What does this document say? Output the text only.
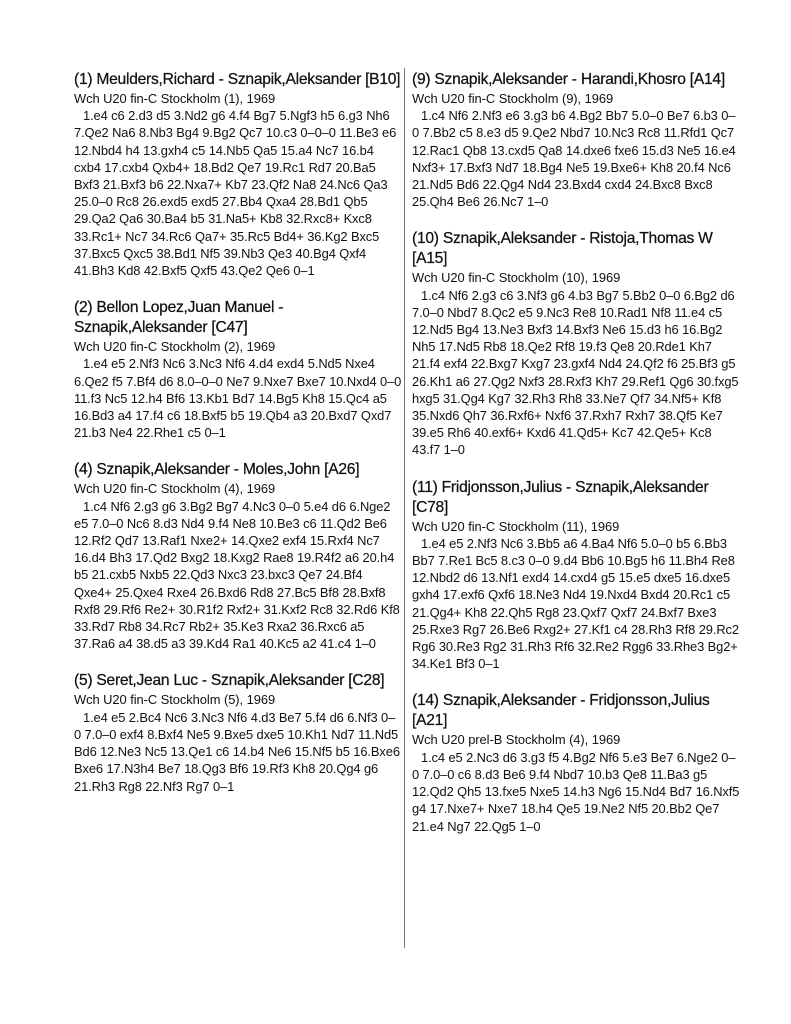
(1) Meulders,Richard - Sznapik,Aleksander [B10]

Wch U20 fin-C Stockholm (1), 1969

1.e4 c6 2.d3 d5 3.Nd2 g6 4.f4 Bg7 5.Ngf3 h5 6.g3 Nh6 7.Qe2 Na6 8.Nb3 Bg4 9.Bg2 Qc7 10.c3 0–0–0 11.Be3 e6 12.Nbd4 h4 13.gxh4 c5 14.Nb5 Qa5 15.a4 Nc7 16.b4 cxb4 17.cxb4 Qxb4+ 18.Bd2 Qe7 19.Rc1 Rd7 20.Ba5 Bxf3 21.Bxf3 b6 22.Nxa7+ Kb7 23.Qf2 Na8 24.Nc6 Qa3 25.0–0 Rc8 26.exd5 exd5 27.Bb4 Qxa4 28.Bd1 Qb5 29.Qa2 Qa6 30.Ba4 b5 31.Na5+ Kb8 32.Rxc8+ Kxc8 33.Rc1+ Nc7 34.Rc6 Qa7+ 35.Rc5 Bd4+ 36.Kg2 Bxc5 37.Bxc5 Qxc5 38.Bd1 Nf5 39.Nb3 Qe3 40.Bg4 Qxf4 41.Bh3 Kd8 42.Bxf5 Qxf5 43.Qe2 Qe6 0–1

(2) Bellon Lopez,Juan Manuel - Sznapik,Aleksander [C47]

Wch U20 fin-C Stockholm (2), 1969

1.e4 e5 2.Nf3 Nc6 3.Nc3 Nf6 4.d4 exd4 5.Nd5 Nxe4 6.Qe2 f5 7.Bf4 d6 8.0–0–0 Ne7 9.Nxe7 Bxe7 10.Nxd4 0–0 11.f3 Nc5 12.h4 Bf6 13.Kb1 Bd7 14.Bg5 Kh8 15.Qc4 a5 16.Bd3 a4 17.f4 c6 18.Bxf5 b5 19.Qb4 a3 20.Bxd7 Qxd7 21.b3 Ne4 22.Rhe1 c5 0–1

(4) Sznapik,Aleksander - Moles,John [A26]

Wch U20 fin-C Stockholm (4), 1969

1.c4 Nf6 2.g3 g6 3.Bg2 Bg7 4.Nc3 0–0 5.e4 d6 6.Nge2 e5 7.0–0 Nc6 8.d3 Nd4 9.f4 Ne8 10.Be3 c6 11.Qd2 Be6 12.Rf2 Qd7 13.Raf1 Nxe2+ 14.Qxe2 exf4 15.Rxf4 Nc7 16.d4 Bh3 17.Qd2 Bxg2 18.Kxg2 Rae8 19.R4f2 a6 20.h4 b5 21.cxb5 Nxb5 22.Qd3 Nxc3 23.bxc3 Qe7 24.Bf4 Qxe4+ 25.Qxe4 Rxe4 26.Bxd6 Rd8 27.Bc5 Bf8 28.Bxf8 Rxf8 29.Rf6 Re2+ 30.R1f2 Rxf2+ 31.Kxf2 Rc8 32.Rd6 Kf8 33.Rd7 Rb8 34.Rc7 Rb2+ 35.Ke3 Rxa2 36.Rxc6 a5 37.Ra6 a4 38.d5 a3 39.Kd4 Ra1 40.Kc5 a2 41.c4 1–0

(5) Seret,Jean Luc - Sznapik,Aleksander [C28]

Wch U20 fin-C Stockholm (5), 1969

1.e4 e5 2.Bc4 Nc6 3.Nc3 Nf6 4.d3 Be7 5.f4 d6 6.Nf3 0–0 7.0–0 exf4 8.Bxf4 Ne5 9.Bxe5 dxe5 10.Kh1 Nd7 11.Nd5 Bd6 12.Ne3 Nc5 13.Qe1 c6 14.b4 Ne6 15.Nf5 b5 16.Bxe6 Bxe6 17.N3h4 Be7 18.Qg3 Bf6 19.Rf3 Kh8 20.Qg4 g6 21.Rh3 Rg8 22.Nf3 Rg7 0–1

(9) Sznapik,Aleksander - Harandi,Khosro [A14]

Wch U20 fin-C Stockholm (9), 1969

1.c4 Nf6 2.Nf3 e6 3.g3 b6 4.Bg2 Bb7 5.0–0 Be7 6.b3 0–0 7.Bb2 c5 8.e3 d5 9.Qe2 Nbd7 10.Nc3 Rc8 11.Rfd1 Qc7 12.Rac1 Qb8 13.cxd5 Qa8 14.dxe6 fxe6 15.d3 Ne5 16.e4 Nxf3+ 17.Bxf3 Nd7 18.Bg4 Ne5 19.Bxe6+ Kh8 20.f4 Nc6 21.Nd5 Bd6 22.Qg4 Nd4 23.Bxd4 cxd4 24.Bxc8 Bxc8 25.Qh4 Be6 26.Nc7 1–0

(10) Sznapik,Aleksander - Ristoja,Thomas W [A15]

Wch U20 fin-C Stockholm (10), 1969

1.c4 Nf6 2.g3 c6 3.Nf3 g6 4.b3 Bg7 5.Bb2 0–0 6.Bg2 d6 7.0–0 Nbd7 8.Qc2 e5 9.Nc3 Re8 10.Rad1 Nf8 11.e4 c5 12.Nd5 Bg4 13.Ne3 Bxf3 14.Bxf3 Ne6 15.d3 h6 16.Bg2 Nh5 17.Nd5 Rb8 18.Qe2 Rf8 19.f3 Qe8 20.Rde1 Kh7 21.f4 exf4 22.Bxg7 Kxg7 23.gxf4 Nd4 24.Qf2 f6 25.Bf3 g5 26.Kh1 a6 27.Qg2 Nxf3 28.Rxf3 Kh7 29.Ref1 Qg6 30.fxg5 hxg5 31.Qg4 Kg7 32.Rh3 Rh8 33.Ne7 Qf7 34.Nf5+ Kf8 35.Nxd6 Qh7 36.Rxf6+ Nxf6 37.Rxh7 Rxh7 38.Qf5 Ke7 39.e5 Rh6 40.exf6+ Kxd6 41.Qd5+ Kc7 42.Qe5+ Kc8 43.f7 1–0

(11) Fridjonsson,Julius - Sznapik,Aleksander [C78]

Wch U20 fin-C Stockholm (11), 1969

1.e4 e5 2.Nf3 Nc6 3.Bb5 a6 4.Ba4 Nf6 5.0–0 b5 6.Bb3 Bb7 7.Re1 Bc5 8.c3 0–0 9.d4 Bb6 10.Bg5 h6 11.Bh4 Re8 12.Nbd2 d6 13.Nf1 exd4 14.cxd4 g5 15.e5 dxe5 16.dxe5 gxh4 17.exf6 Qxf6 18.Ne3 Nd4 19.Nxd4 Bxd4 20.Rc1 c5 21.Qg4+ Kh8 22.Qh5 Rg8 23.Qxf7 Qxf7 24.Bxf7 Bxe3 25.Rxe3 Rg7 26.Be6 Rxg2+ 27.Kf1 c4 28.Rh3 Rf8 29.Rc2 Rg6 30.Re3 Rg2 31.Rh3 Rf6 32.Re2 Rgg6 33.Rhe3 Bg2+ 34.Ke1 Bf3 0–1

(14) Sznapik,Aleksander - Fridjonsson,Julius [A21]

Wch U20 prel-B Stockholm (4), 1969

1.c4 e5 2.Nc3 d6 3.g3 f5 4.Bg2 Nf6 5.e3 Be7 6.Nge2 0–0 7.0–0 c6 8.d3 Be6 9.f4 Nbd7 10.b3 Qe8 11.Ba3 g5 12.Qd2 Qh5 13.fxe5 Nxe5 14.h3 Ng6 15.Nd4 Bd7 16.Nxf5 g4 17.Nxe7+ Nxe7 18.h4 Qe5 19.Ne2 Nf5 20.Bb2 Qe7 21.e4 Ng7 22.Qg5 1–0
